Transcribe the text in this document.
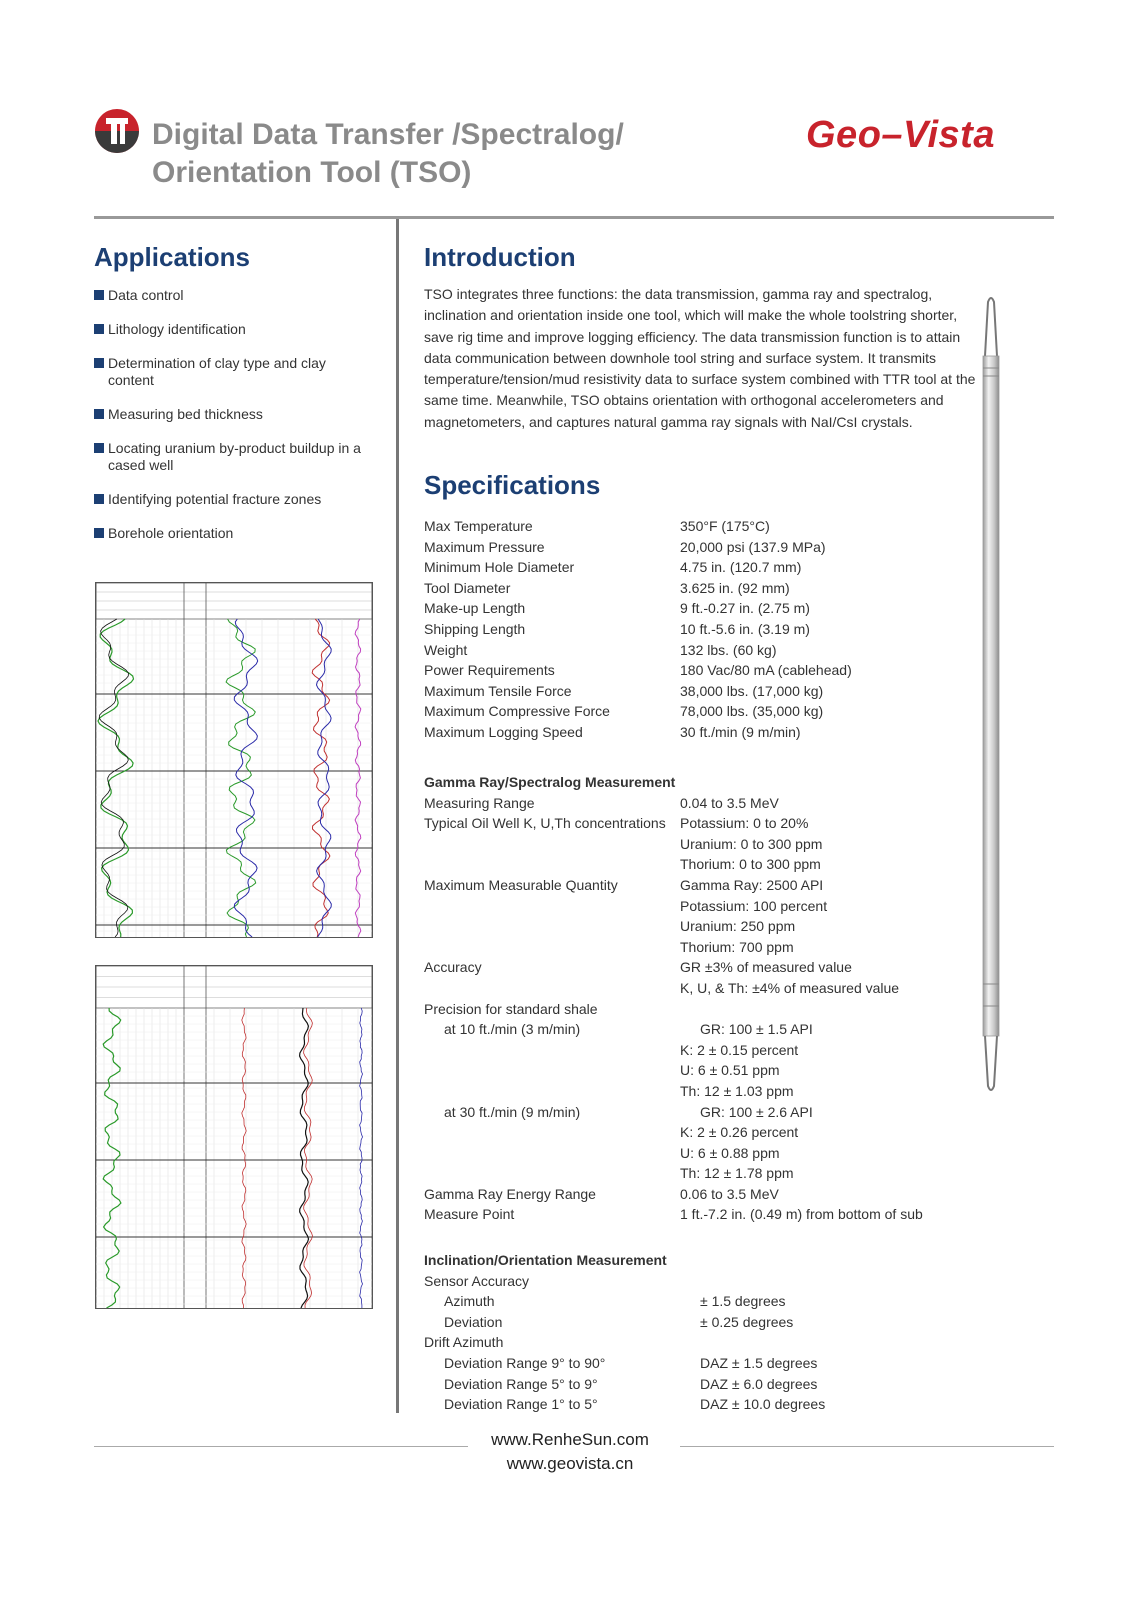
Digital Data Transfer /Spectralog/
Orientation Tool (TSO)
Geo–Vista
Applications
Data control
Lithology identification
Determination of clay type and clay content
Measuring bed thickness
Locating uranium by-product buildup in a cased well
Identifying potential fracture zones
Borehole orientation
Introduction
TSO integrates three functions: the data transmission, gamma ray and spectralog, inclination and orientation inside one tool, which will make the whole toolstring shorter, save rig time and improve logging efficiency. The data transmission function is to attain data communication between downhole tool string and surface system. It transmits temperature/tension/mud resistivity data to surface system combined with TTR tool at the same time. Meanwhile, TSO obtains orientation with orthogonal accelerometers and magnetometers, and captures natural gamma ray signals with NaI/CsI crystals.
Specifications
Max Temperature	350°F (175°C)
Maximum Pressure	20,000 psi (137.9 MPa)
Minimum Hole Diameter	4.75 in. (120.7 mm)
Tool Diameter	3.625 in. (92 mm)
Make-up Length	9 ft.-0.27 in. (2.75 m)
Shipping Length	10 ft.-5.6 in. (3.19 m)
Weight	132 lbs. (60 kg)
Power Requirements	180 Vac/80 mA (cablehead)
Maximum Tensile Force	38,000 lbs. (17,000 kg)
Maximum Compressive Force	78,000 lbs. (35,000 kg)
Maximum Logging Speed	30 ft./min (9 m/min)
Gamma Ray/Spectralog Measurement
Measuring Range	0.04 to 3.5 MeV
Typical Oil Well K, U,Th concentrations	Potassium: 0 to 20%
Uranium: 0 to 300 ppm
Thorium: 0 to 300 ppm
Maximum Measurable Quantity	Gamma Ray: 2500 API
Potassium: 100 percent
Uranium: 250 ppm
Thorium: 700 ppm
Accuracy	GR ±3% of measured value
K, U, & Th: ±4% of measured value
Precision for standard shale
at 10 ft./min (3 m/min)	GR: 100 ± 1.5 API
K: 2 ± 0.15 percent
U: 6 ± 0.51 ppm
Th: 12 ± 1.03 ppm
at 30 ft./min (9 m/min)	GR: 100 ± 2.6 API
K: 2 ± 0.26 percent
U: 6 ± 0.88 ppm
Th: 12 ± 1.78 ppm
Gamma Ray Energy Range	0.06 to 3.5 MeV
Measure Point	1 ft.-7.2 in. (0.49 m) from bottom of sub
Inclination/Orientation Measurement
Sensor Accuracy
Azimuth	± 1.5 degrees
Deviation	± 0.25 degrees
Drift Azimuth
Deviation Range 9° to 90°	DAZ ± 1.5 degrees
Deviation Range 5° to 9°	DAZ ± 6.0 degrees
Deviation Range 1° to 5°	DAZ ± 10.0 degrees
www.RenheSun.com
www.geovista.cn
